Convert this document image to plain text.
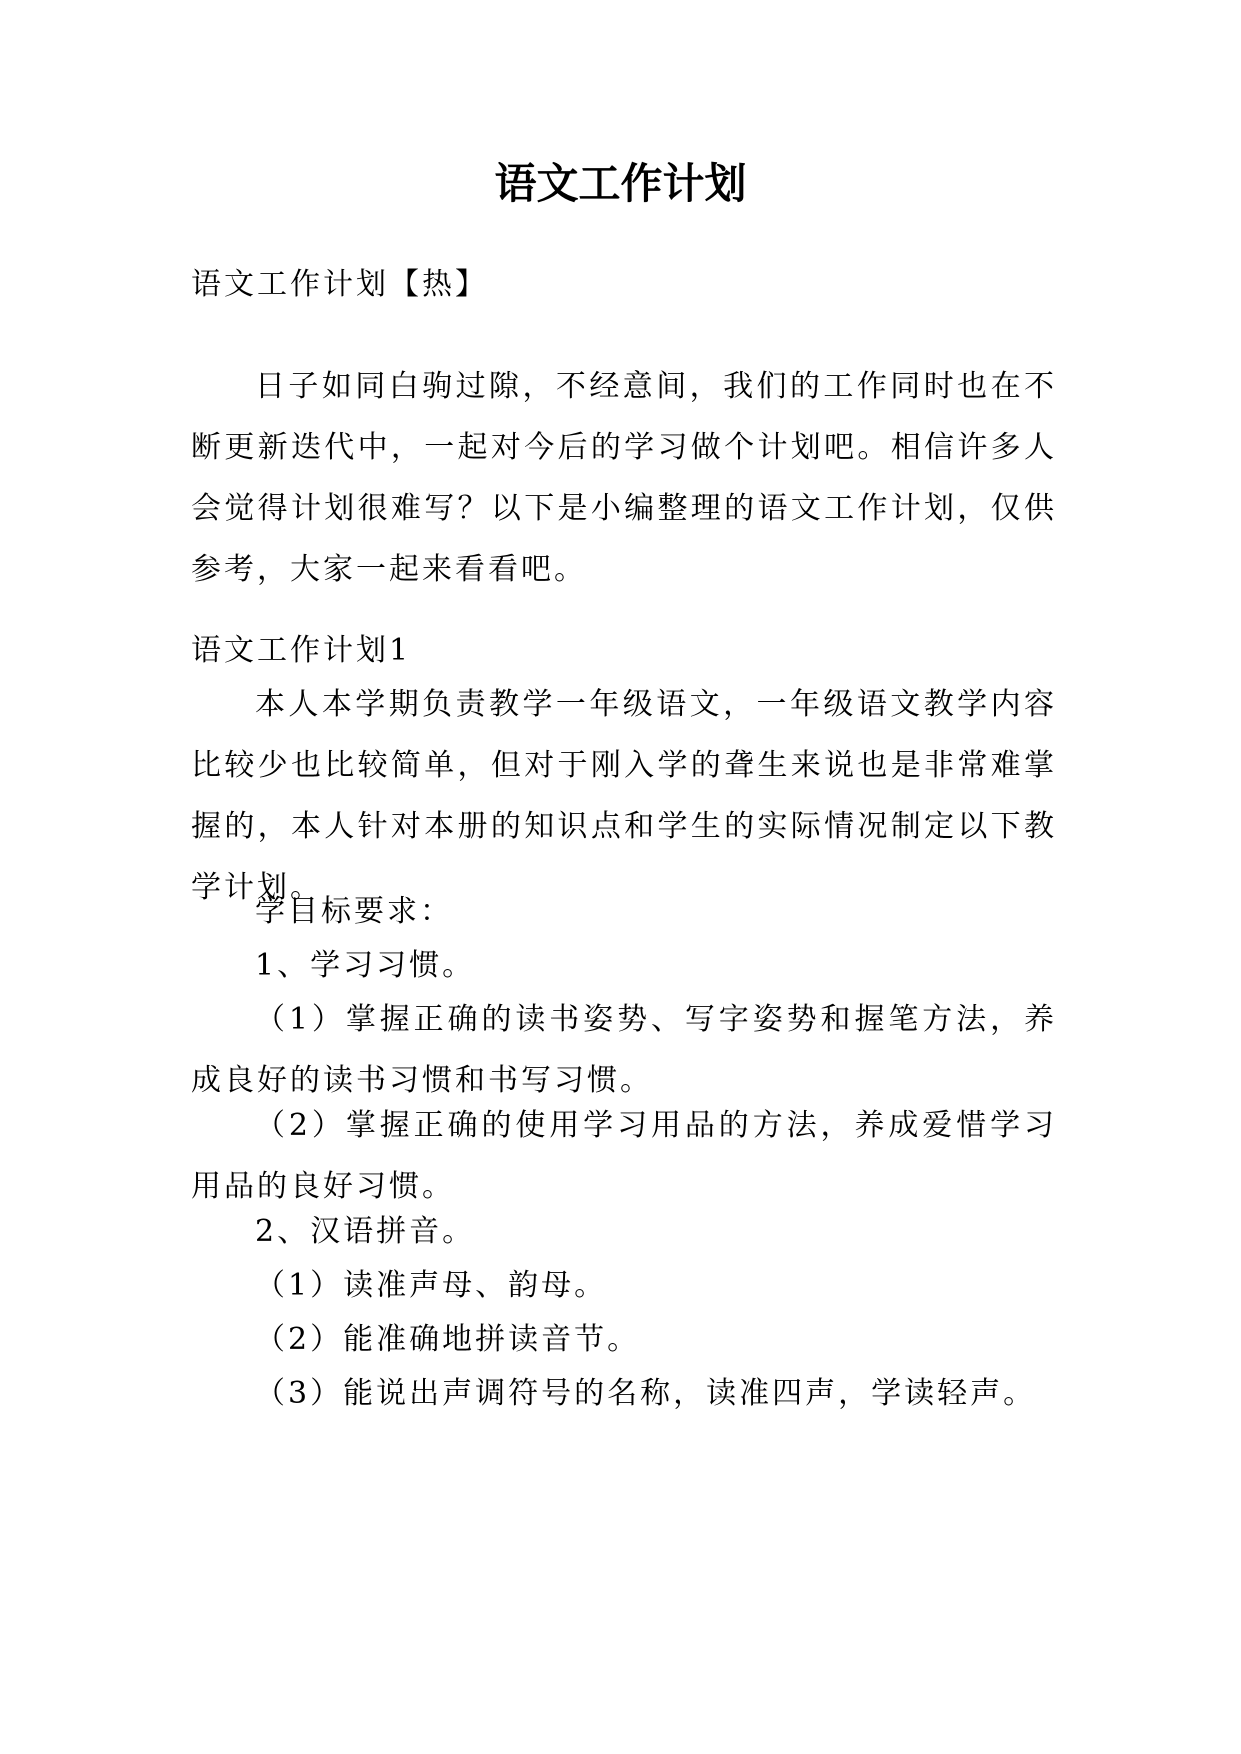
语文工作计划

语文工作计划【热】

日子如同白驹过隙，不经意间，我们的工作同时也在不断更新迭代中，一起对今后的学习做个计划吧。相信许多人会觉得计划很难写？以下是小编整理的语文工作计划，仅供参考，大家一起来看看吧。

语文工作计划1

本人本学期负责教学一年级语文，一年级语文教学内容比较少也比较简单，但对于刚入学的聋生来说也是非常难掌握的，本人针对本册的知识点和学生的实际情况制定以下教学计划。

学目标要求：

1、学习习惯。

（1）掌握正确的读书姿势、写字姿势和握笔方法，养成良好的读书习惯和书写习惯。

（2）掌握正确的使用学习用品的方法，养成爱惜学习用品的良好习惯。

2、汉语拼音。

（1）读准声母、韵母。

（2）能准确地拼读音节。

（3）能说出声调符号的名称，读准四声，学读轻声。
